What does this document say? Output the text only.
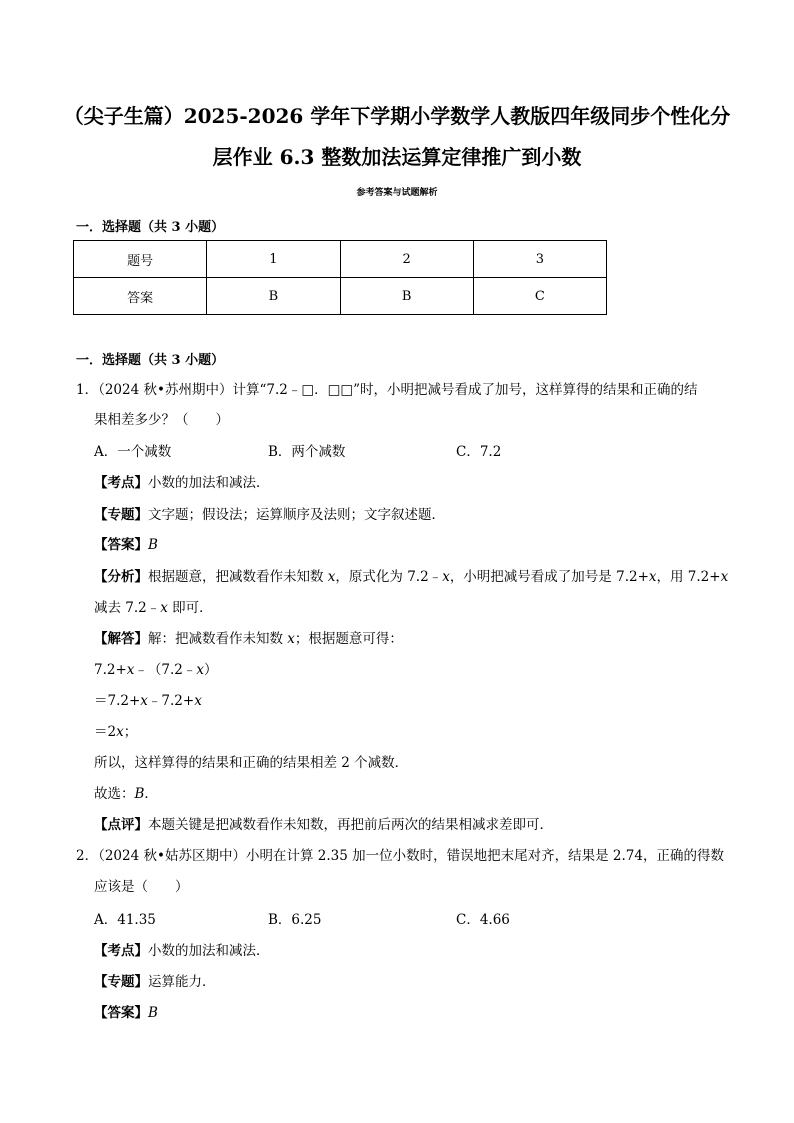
（尖子生篇）2025-2026 学年下学期小学数学人教版四年级同步个性化分
层作业 6.3 整数加法运算定律推广到小数
参考答案与试题解析
一．选择题（共 3 小题）
题号	1	2	3
答案	B	B	C
一．选择题（共 3 小题）
1．（2024 秋•苏州期中）计算“7.2﹣□．□□”时，小明把减号看成了加号，这样算得的结果和正确的结
果相差多少？（　　）
A．一个减数	B．两个减数	C．7.2
【考点】小数的加法和减法．
【专题】文字题；假设法；运算顺序及法则；文字叙述题．
【答案】B
【分析】根据题意，把减数看作未知数 x，原式化为 7.2﹣x，小明把减号看成了加号是 7.2+x，用 7.2+x
减去 7.2﹣x 即可．
【解答】解：把减数看作未知数 x；根据题意可得：
7.2+x﹣（7.2﹣x）
＝7.2+x﹣7.2+x
＝2x；
所以，这样算得的结果和正确的结果相差 2 个减数．
故选：B．
【点评】本题关键是把减数看作未知数，再把前后两次的结果相减求差即可．
2．（2024 秋•姑苏区期中）小明在计算 2.35 加一位小数时，错误地把末尾对齐，结果是 2.74，正确的得数
应该是（　　）
A．41.35	B．6.25	C．4.66
【考点】小数的加法和减法．
【专题】运算能力．
【答案】B
